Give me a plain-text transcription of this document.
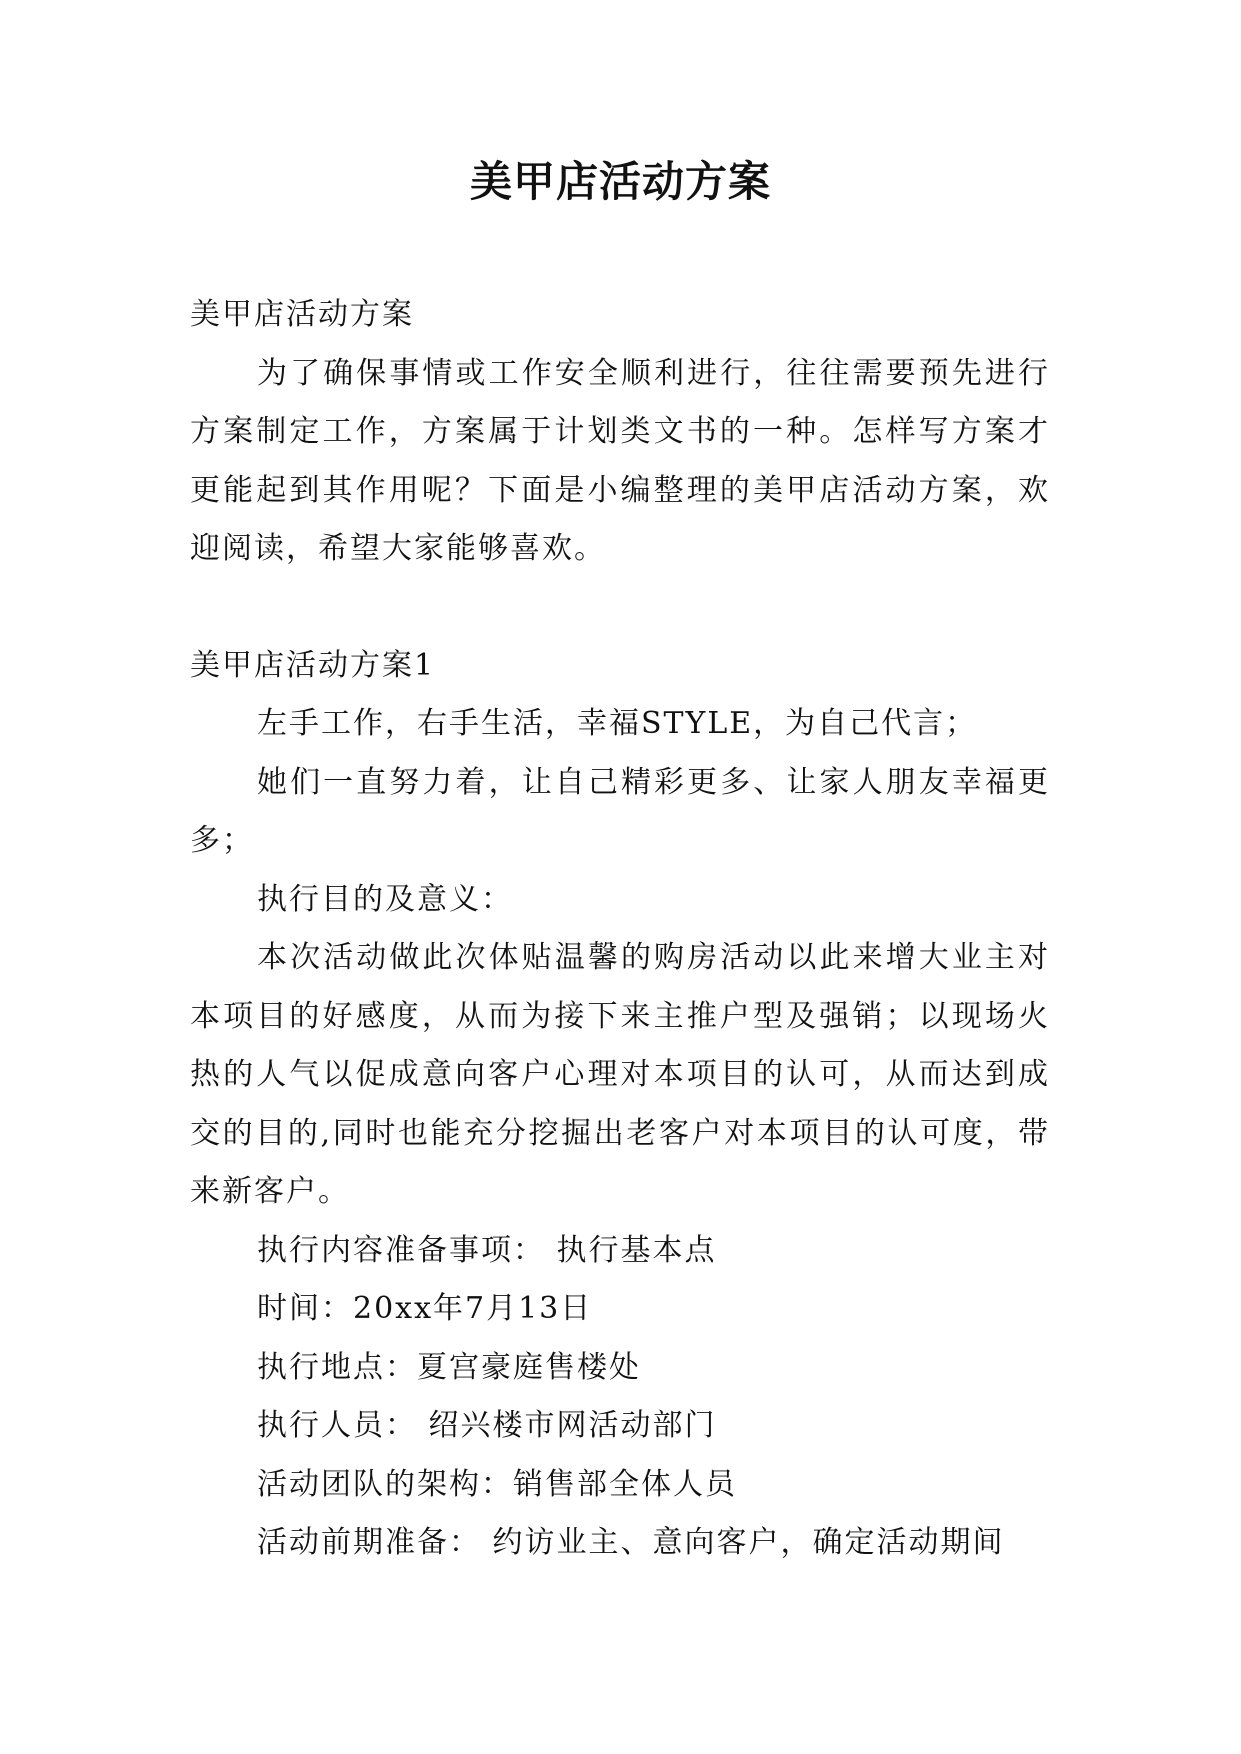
美甲店活动方案

美甲店活动方案

为了确保事情或工作安全顺利进行，往往需要预先进行方案制定工作，方案属于计划类文书的一种。怎样写方案才更能起到其作用呢？下面是小编整理的美甲店活动方案，欢迎阅读，希望大家能够喜欢。

美甲店活动方案1

左手工作，右手生活，幸福STYLE，为自己代言；

她们一直努力着，让自己精彩更多、让家人朋友幸福更多；

执行目的及意义：

本次活动做此次体贴温馨的购房活动以此来增大业主对本项目的好感度，从而为接下来主推户型及强销；以现场火热的人气以促成意向客户心理对本项目的认可，从而达到成交的目的,同时也能充分挖掘出老客户对本项目的认可度，带来新客户。

执行内容准备事项： 执行基本点

时间：20xx年7月13日

执行地点：夏宫豪庭售楼处

执行人员： 绍兴楼市网活动部门

活动团队的架构：销售部全体人员

活动前期准备： 约访业主、意向客户，确定活动期间
